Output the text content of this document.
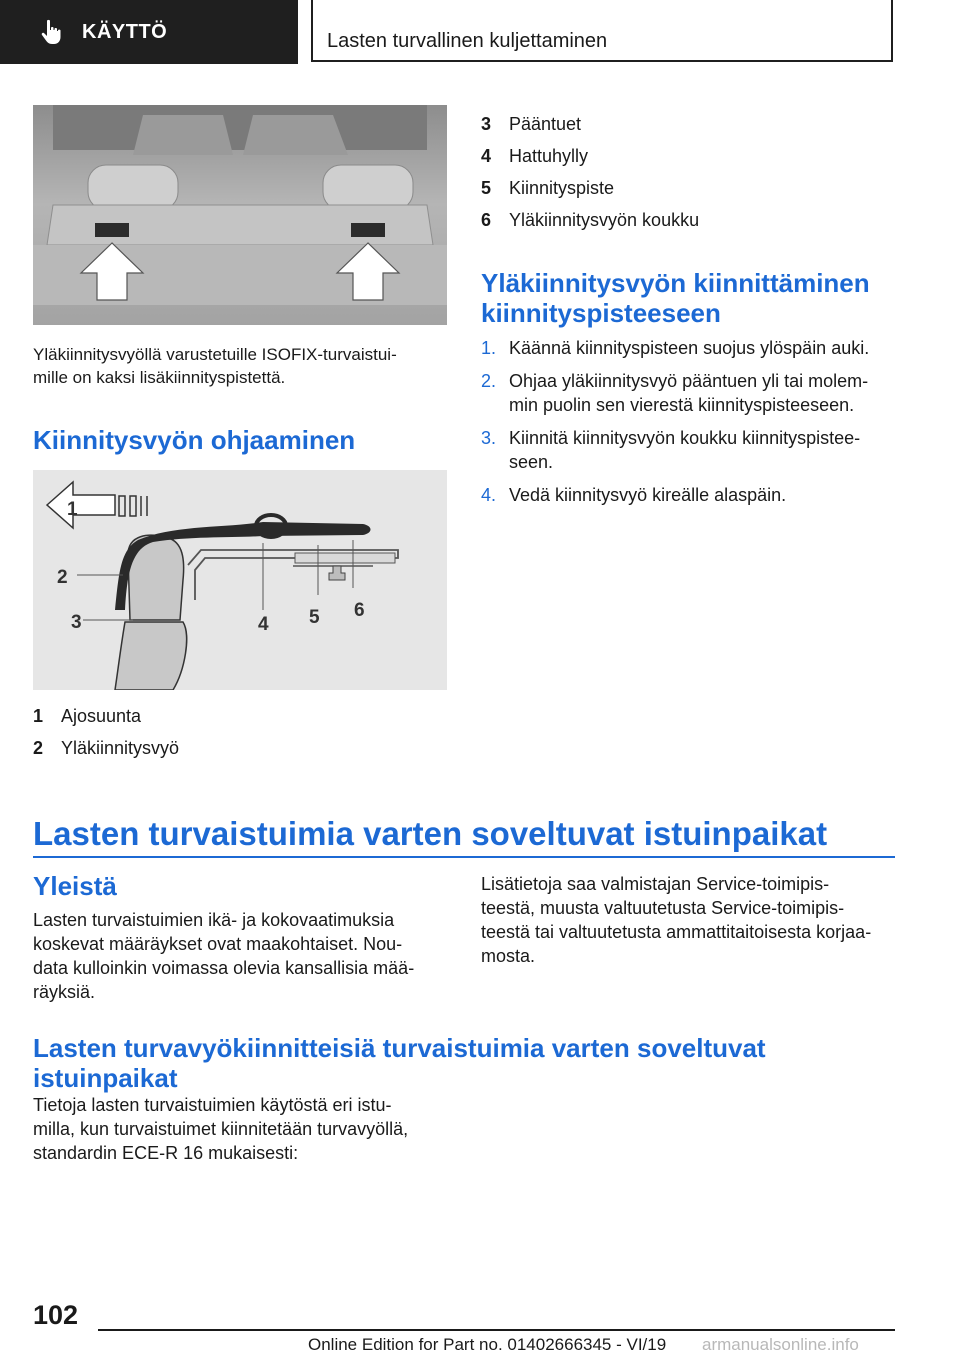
KÄYTTÖ	Lasten turvallinen kuljettaminen
Yläkiinnitysvyöllä varustetuille ISOFIX-turvaistui-
mille on kaksi lisäkiinnityspistettä.
Kiinnitysvyön ohjaaminen
1
2
3	4 5 6
1 Ajosuunta
2 Yläkiinnitysvyö
3 Pääntuet
4 Hattuhylly
5 Kiinnityspiste
6 Yläkiinnitysvyön koukku
Yläkiinnitysvyön kiinnittäminen kiinnityspisteeseen
1. Käännä kiinnityspisteen suojus ylöspäin auki.
2. Ohjaa yläkiinnitysvyö pääntuen yli tai molem-
min puolin sen vierestä kiinnityspisteeseen.
3. Kiinnitä kiinnitysvyön koukku kiinnityspistee-
seen.
4. Vedä kiinnitysvyö kireälle alaspäin.
Lasten turvaistuimia varten soveltuvat istuinpaikat
Yleistä
Lasten turvaistuimien ikä- ja kokovaatimuksia
koskevat määräykset ovat maakohtaiset. Nou-
data kulloinkin voimassa olevia kansallisia mää-
räyksiä.
Lisätietoja saa valmistajan Service-toimipis-
teestä, muusta valtuutetusta Service-toimipis-
teestä tai valtuutetusta ammattitaitoisesta korjaa-
mosta.
Lasten turvavyökiinnitteisiä turvaistuimia varten soveltuvat
istuinpaikat
Tietoja lasten turvaistuimien käytöstä eri istu-
milla, kun turvaistuimet kiinnitetään turvavyöllä,
standardin ECE-R 16 mukaisesti:
102
Online Edition for Part no. 01402666345 - VI/19 armanualsonline.info
